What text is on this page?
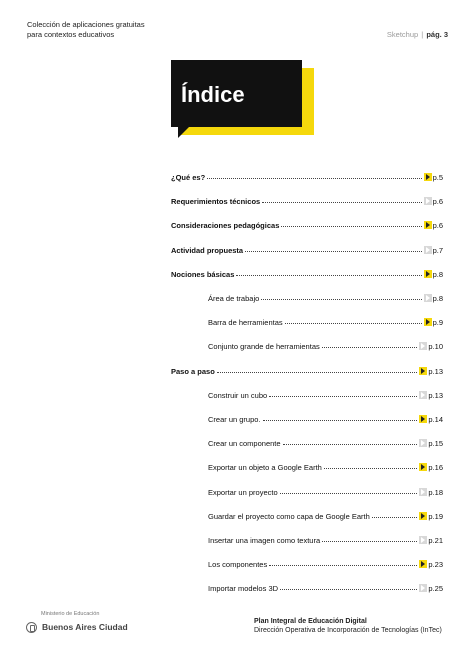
Colección de aplicaciones gratuitas
para contextos educativos	Sketchup | pág. 3
Índice
¿Qué es?	p.5
Requerimientos técnicos	p.6
Consideraciones pedagógicas	p.6
Actividad propuesta	p.7
Nociones básicas	p.8
Área de trabajo	p.8
Barra de herramientas	p.9
Conjunto grande de herramientas	p.10
Paso a paso	p.13
Construir un cubo	p.13
Crear un grupo.	p.14
Crear un componente	p.15
Exportar un objeto a Google Earth	p.16
Exportar un proyecto	p.18
Guardar el proyecto como capa de Google Earth	p.19
Insertar una imagen como textura	p.21
Los componentes	p.23
Importar modelos 3D	p.25
Ministerio de Educación
Buenos Aires Ciudad
Plan Integral de Educación Digital
Dirección Operativa de Incorporación de Tecnologías (InTec)
